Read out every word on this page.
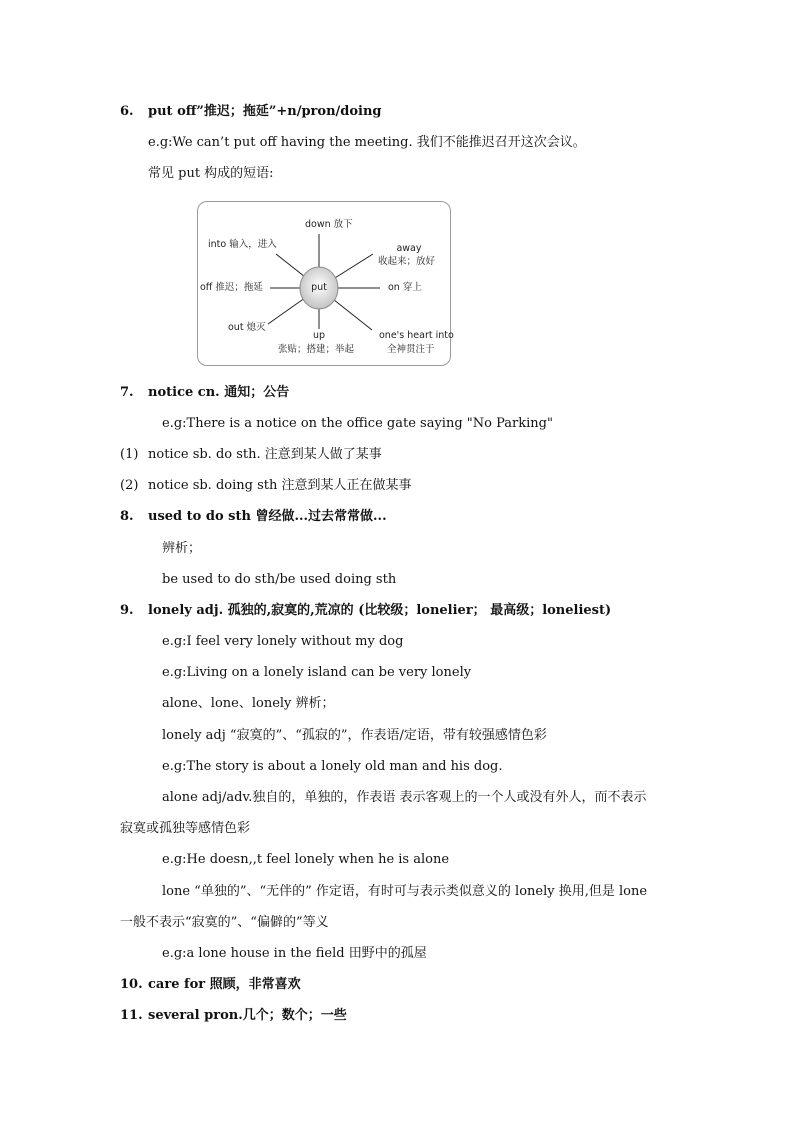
6. put off”推迟；拖延”+n/pron/doing
e.g:We can’t put off having the meeting. 我们不能推迟召开这次会议。
常见 put 构成的短语:
put
down 放下
into 输入，进入	away
收起来；放好
off 推迟；拖延	on 穿上
out 熄灭
up
张贴；搭建；举起
one's heart into
全神贯注于
7. notice cn. 通知；公告
e.g:There is a notice on the office gate saying "No Parking"
(1) notice sb. do sth. 注意到某人做了某事
(2) notice sb. doing sth 注意到某人正在做某事
8. used to do sth 曾经做...过去常常做...
辨析；
be used to do sth/be used doing sth
9. lonely adj. 孤独的,寂寞的,荒凉的 (比较级；lonelier； 最高级；loneliest)
e.g:I feel very lonely without my dog
e.g:Living on a lonely island can be very lonely
alone、lone、lonely 辨析；
lonely adj “寂寞的”、“孤寂的”，作表语/定语，带有较强感情色彩
e.g:The story is about a lonely old man and his dog.
alone adj/adv.独自的，单独的，作表语 表示客观上的一个人或没有外人，而不表示
寂寞或孤独等感情色彩
e.g:He doesn,,t feel lonely when he is alone
lone “单独的”、“无伴的” 作定语，有时可与表示类似意义的 lonely 换用,但是 lone
一般不表示“寂寞的”、“偏僻的”等义
e.g:a lone house in the field 田野中的孤屋
10. care for 照顾，非常喜欢
11. several pron.几个；数个；一些
